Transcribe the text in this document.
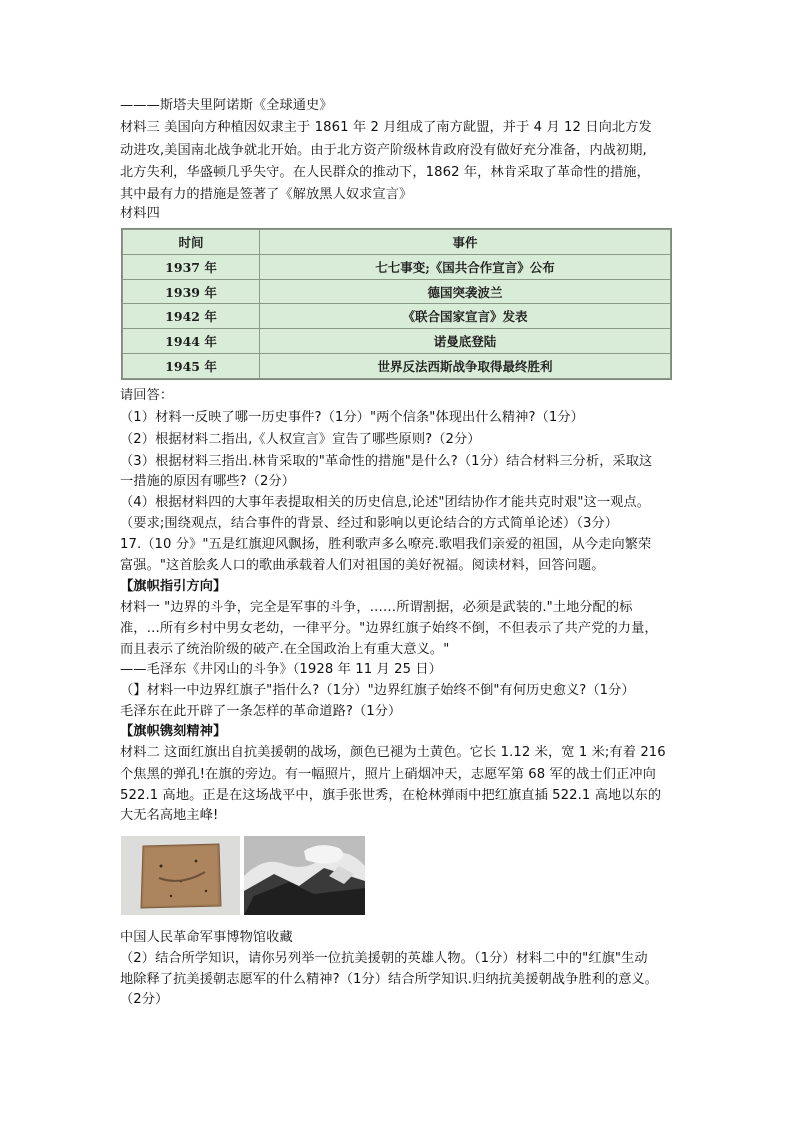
———斯塔夫里阿诺斯《全球通史》
材料三 美国向方种植因奴隶主于 1861 年 2 月组成了南方龀盟，并于 4 月 12 日向北方发
动进攻,美国南北战争就北开始。由于北方资产阶级林肯政府没有做好充分准备，内战初期,
北方失利，华盛顿几乎失守。在人民群众的推动下，1862 年，林肯采取了革命性的措施，
其中最有力的措施是签著了《解放黑人奴求宣言》
材料四
时间	事件
1937 年	七七事变;《国共合作宣言》公布
1939 年	德国突袭波兰
1942 年	《联合国家宣言》发表
1944 年	诺曼底登陆
1945 年	世界反法西斯战争取得最终胜利
请回答：
（1）材料一反映了哪一历史事件?（1分）"两个信条"体现出什么精神?（1分）
（2）根据材料二指出,《人权宣言》宣告了哪些原则?（2分）
（3）根据材料三指出.林肯采取的"革命性的措施"是什么?（1分）结合材料三分析，采取这
一措施的原因有哪些?（2分）
（4）根据材料四的大事年表提取相关的历史信息,论述"团结协作才能共克时艰"这一观点。
（要求;围绕观点，结合事件的背景、经过和影响以更论结合的方式简单论述）（3分）
17.（10 分》"五是红旗迎风飘扬，胜利歌声多么嘹亮.歌唱我们亲爱的祖国，从今走向繁荣
富强。"这首脍炙人口的歌曲承载着人们对祖国的美好祝福。阅读材料，回答问题。
【旗帜指引方向】
材料一 "边界的斗争，完全是军事的斗争，……所谓割据，必须是武装的."土地分配的标
准，…所有乡村中男女老幼，一律平分。"边界红旗子始终不倒，不但表示了共产党的力量，
而且表示了统治阶级的破产.在全国政治上有重大意义。"
——毛泽东《井冈山的斗争》（1928 年 11 月 25 日）
（】材料一中边界红旗子"指什么?（1分）"边界红旗子始终不倒"有何历史愈义?（1分）
毛泽东在此开辟了一条怎样的革命道路?（1分）
【旗帜镌刻精神】
材料二 这面红旗出自抗美援朝的战场，颜色已褪为土黄色。它长 1.12 米，宽 1 米;有着 216
个焦黑的弹孔!在旗的旁边。有一幅照片，照片上硝烟冲天，志愿军第 68 军的战士们正冲向
522.1 高地。正是在这场战平中，旗手张世秀，在枪林弹雨中把红旗直插 522.1 高地以东的
大无名高地主峰!
中国人民革命军事博物馆收藏
（2）结合所学知识，请你另列举一位抗美援朝的英雄人物。（1分）材料二中的"红旗"生动
地除释了抗美援朝志愿军的什么精神?（1分）结合所学知识.归纳抗美援朝战争胜利的意义。
（2分）
